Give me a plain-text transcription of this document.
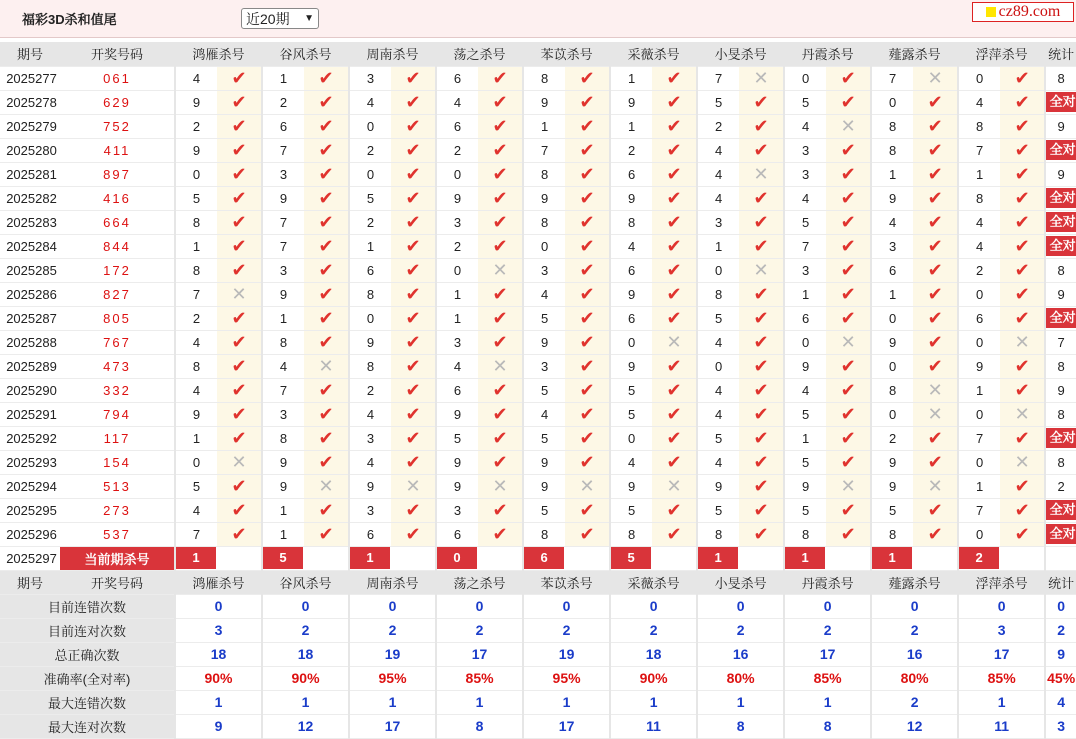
福彩3D杀和值尾	近20期	▼	cz89.com
期号	开奖号码	鸿雁杀号		谷风杀号		周南杀号		荡之杀号		苯苡杀号		采薇杀号		小旻杀号		丹霞杀号		薤露杀号		浮萍杀号		统计
2025277	061	4	✔	1	✔	3	✔	6	✔	8	✔	1	✔	7	✕	0	✔	7	✕	0	✔	8
2025278	629	9	✔	2	✔	4	✔	4	✔	9	✔	9	✔	5	✔	5	✔	0	✔	4	✔	全对
2025279	752	2	✔	6	✔	0	✔	6	✔	1	✔	1	✔	2	✔	4	✕	8	✔	8	✔	9
2025280	411	9	✔	7	✔	2	✔	2	✔	7	✔	2	✔	4	✔	3	✔	8	✔	7	✔	全对
2025281	897	0	✔	3	✔	0	✔	0	✔	8	✔	6	✔	4	✕	3	✔	1	✔	1	✔	9
2025282	416	5	✔	9	✔	5	✔	9	✔	9	✔	9	✔	4	✔	4	✔	9	✔	8	✔	全对
2025283	664	8	✔	7	✔	2	✔	3	✔	8	✔	8	✔	3	✔	5	✔	4	✔	4	✔	全对
2025284	844	1	✔	7	✔	1	✔	2	✔	0	✔	4	✔	1	✔	7	✔	3	✔	4	✔	全对
2025285	172	8	✔	3	✔	6	✔	0	✕	3	✔	6	✔	0	✕	3	✔	6	✔	2	✔	8
2025286	827	7	✕	9	✔	8	✔	1	✔	4	✔	9	✔	8	✔	1	✔	1	✔	0	✔	9
2025287	805	2	✔	1	✔	0	✔	1	✔	5	✔	6	✔	5	✔	6	✔	0	✔	6	✔	全对
2025288	767	4	✔	8	✔	9	✔	3	✔	9	✔	0	✕	4	✔	0	✕	9	✔	0	✕	7
2025289	473	8	✔	4	✕	8	✔	4	✕	3	✔	9	✔	0	✔	9	✔	0	✔	9	✔	8
2025290	332	4	✔	7	✔	2	✔	6	✔	5	✔	5	✔	4	✔	4	✔	8	✕	1	✔	9
2025291	794	9	✔	3	✔	4	✔	9	✔	4	✔	5	✔	4	✔	5	✔	0	✕	0	✕	8
2025292	117	1	✔	8	✔	3	✔	5	✔	5	✔	0	✔	5	✔	1	✔	2	✔	7	✔	全对
2025293	154	0	✕	9	✔	4	✔	9	✔	9	✔	4	✔	4	✔	5	✔	9	✔	0	✕	8
2025294	513	5	✔	9	✕	9	✕	9	✕	9	✕	9	✕	9	✔	9	✕	9	✕	1	✔	2
2025295	273	4	✔	1	✔	3	✔	3	✔	5	✔	5	✔	5	✔	5	✔	5	✔	7	✔	全对
2025296	537	7	✔	1	✔	6	✔	6	✔	8	✔	8	✔	8	✔	8	✔	8	✔	0	✔	全对
2025297	当前期杀号	1		5		1		0		6		5		1		1		1		2		
期号	开奖号码	鸿雁杀号		谷风杀号		周南杀号		荡之杀号		苯苡杀号		采薇杀号		小旻杀号		丹霞杀号		薤露杀号		浮萍杀号		统计
目前连错次数		0		0		0		0		0		0		0		0		0		0		0
目前连对次数		3		2		2		2		2		2		2		2		2		3		2
总正确次数		18		18		19		17		19		18		16		17		16		17		9
准确率(全对率)		90%		90%		95%		85%		95%		90%		80%		85%		80%		85%		45%
最大连错次数		1		1		1		1		1		1		1		1		2		1		4
最大连对次数		9		12		17		8		17		11		8		8		12		11		3
